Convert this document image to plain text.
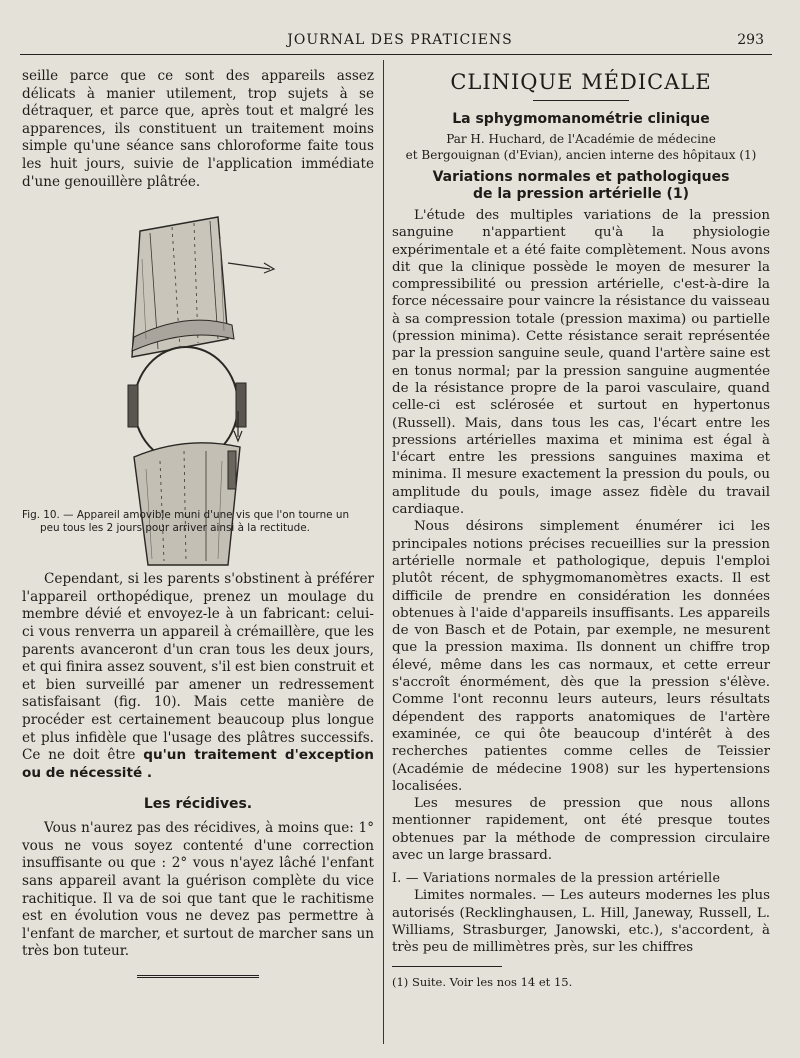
JOURNAL DES PRATICIENS	293

seille parce que ce sont des appareils assez délicats à manier utilement, trop sujets à se détraquer, et parce que, après tout et malgré les apparences, ils constituent un traitement moins simple qu'une séance sans chloroforme faite tous les huit jours, suivie de l'application immédiate d'une genouillère plâtrée.

Fig. 10. — Appareil amovible muni d'une vis que l'on tourne un
peu tous les 2 jours pour arriver ainsi à la rectitude.

Cependant, si les parents s'obstinent à préférer l'appareil orthopédique, prenez un moulage du membre dévié et envoyez-le à un fabricant: celui-ci vous renverra un appareil à crémaillère, que les parents avanceront d'un cran tous les deux jours, et qui finira assez souvent, s'il est bien construit et et bien surveillé par amener un redressement satisfaisant (fig. 10). Mais cette manière de procéder est certainement beaucoup plus longue et plus infidèle que l'usage des plâtres successifs. Ce ne doit être qu'un traitement d'exception ou de nécessité .

Les récidives.

Vous n'aurez pas des récidives, à moins que: 1° vous ne vous soyez contenté d'une correction insuffisante ou que : 2° vous n'ayez lâché l'enfant sans appareil avant la guérison complète du vice rachitique. Il va de soi que tant que le rachitisme est en évolution vous ne devez pas permettre à l'enfant de marcher, et surtout de marcher sans un très bon tuteur.

CLINIQUE MÉDICALE
La sphygmomanométrie clinique
Par H. Huchard, de l'Académie de médecine
et Bergouignan (d'Evian), ancien interne des hôpitaux (1)
Variations normales et pathologiques
de la pression artérielle (1)

L'étude des multiples variations de la pression sanguine n'appartient qu'à la physiologie expérimentale et a été faite complètement. Nous avons dit que la clinique possède le moyen de mesurer la compressibilité ou pression artérielle, c'est-à-dire la force nécessaire pour vaincre la résistance du vaisseau à sa compression totale (pression maxima) ou partielle (pression minima). Cette résistance serait représentée par la pression sanguine seule, quand l'artère saine est en tonus normal; par la pression sanguine augmentée de la résistance propre de la paroi vasculaire, quand celle-ci est sclérosée et surtout en hypertonus (Russell). Mais, dans tous les cas, l'écart entre les pressions artérielles maxima et minima est égal à l'écart entre les pressions sanguines maxima et minima. Il mesure exactement la pression du pouls, ou amplitude du pouls, image assez fidèle du travail cardiaque.

Nous désirons simplement énumérer ici les principales notions précises recueillies sur la pression artérielle normale et pathologique, depuis l'emploi plutôt récent, de sphygmomanomètres exacts. Il est difficile de prendre en considération les données obtenues à l'aide d'appareils insuffisants. Les appareils de von Basch et de Potain, par exemple, ne mesurent que la pression maxima. Ils donnent un chiffre trop élevé, même dans les cas normaux, et cette erreur s'accroît énormément, dès que la pression s'élève. Comme l'ont reconnu leurs auteurs, leurs résultats dépendent des rapports anatomiques de l'artère examinée, ce qui ôte beaucoup d'intérêt à des recherches patientes comme celles de Teissier (Académie de médecine 1908) sur les hypertensions localisées.

Les mesures de pression que nous allons mentionner rapidement, ont été presque toutes obtenues par la méthode de compression circulaire avec un large brassard.

I. — Variations normales de la pression artérielle

Limites normales. — Les auteurs modernes les plus autorisés (Recklinghausen, L. Hill, Janeway, Russell, L. Williams, Strasburger, Janowski, etc.), s'accordent, à très peu de millimètres près, sur les chiffres

(1) Suite. Voir les nos 14 et 15.
